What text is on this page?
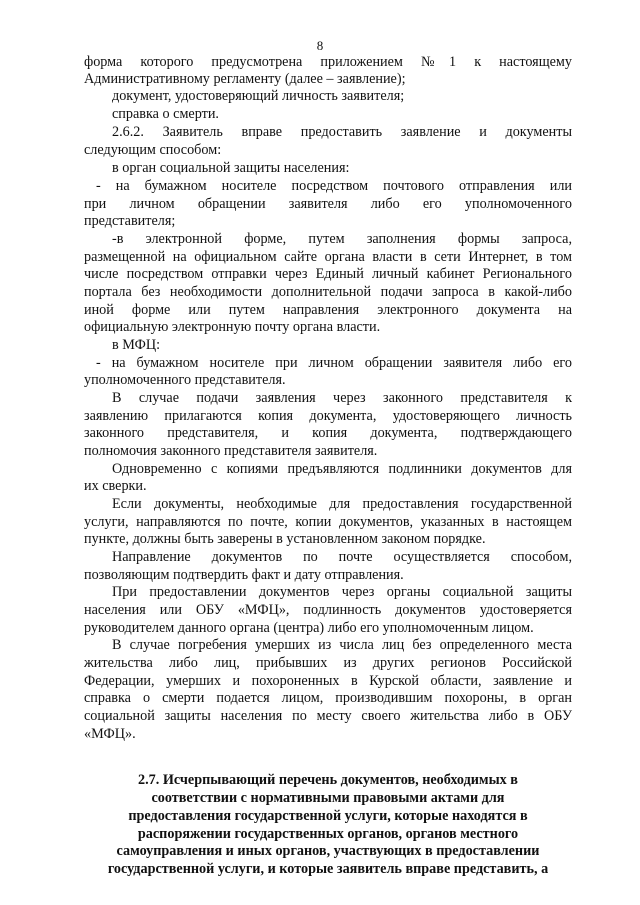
8
форма которого предусмотрена приложением №1 к настоящему
Административному регламенту (далее – заявление);
документ, удостоверяющий личность заявителя;
справка о смерти.
2.6.2. Заявитель вправе предоставить заявление и документы
следующим способом:
в орган социальной защиты населения:
- на бумажном носителе посредством почтового отправления или
при личном обращении заявителя либо его уполномоченного
представителя;
-в электронной форме, путем заполнения формы запроса,
размещенной на официальном сайте органа власти в сети Интернет, в том
числе посредством отправки через Единый личный кабинет Регионального
портала без необходимости дополнительной подачи запроса в какой-либо
иной форме или путем направления электронного документа на
официальную электронную почту органа власти.
в МФЦ:
- на бумажном носителе при личном обращении заявителя либо его
уполномоченного представителя.
В случае подачи заявления через законного представителя к
заявлению прилагаются копия документа, удостоверяющего личность
законного представителя, и копия документа, подтверждающего
полномочия законного представителя заявителя.
Одновременно с копиями предъявляются подлинники документов для
их сверки.
Если документы, необходимые для предоставления государственной
услуги, направляются по почте, копии документов, указанных в настоящем
пункте, должны быть заверены в установленном законом порядке.
Направление документов по почте осуществляется способом,
позволяющим подтвердить факт и дату отправления.
При предоставлении документов через органы социальной защиты
населения или ОБУ «МФЦ», подлинность документов удостоверяется
руководителем данного органа (центра) либо его уполномоченным лицом.
В случае погребения умерших из числа лиц без определенного места
жительства либо лиц, прибывших из других регионов Российской
Федерации, умерших и похороненных в Курской области, заявление и
справка о смерти подается лицом, производившим похороны, в орган
социальной защиты населения по месту своего жительства либо в ОБУ
«МФЦ».
2.7. Исчерпывающий перечень документов, необходимых в
соответствии с нормативными правовыми актами для
предоставления государственной услуги, которые находятся в
распоряжении государственных органов, органов местного
самоуправления и иных органов, участвующих в предоставлении
государственной услуги, и которые заявитель вправе представить, а
